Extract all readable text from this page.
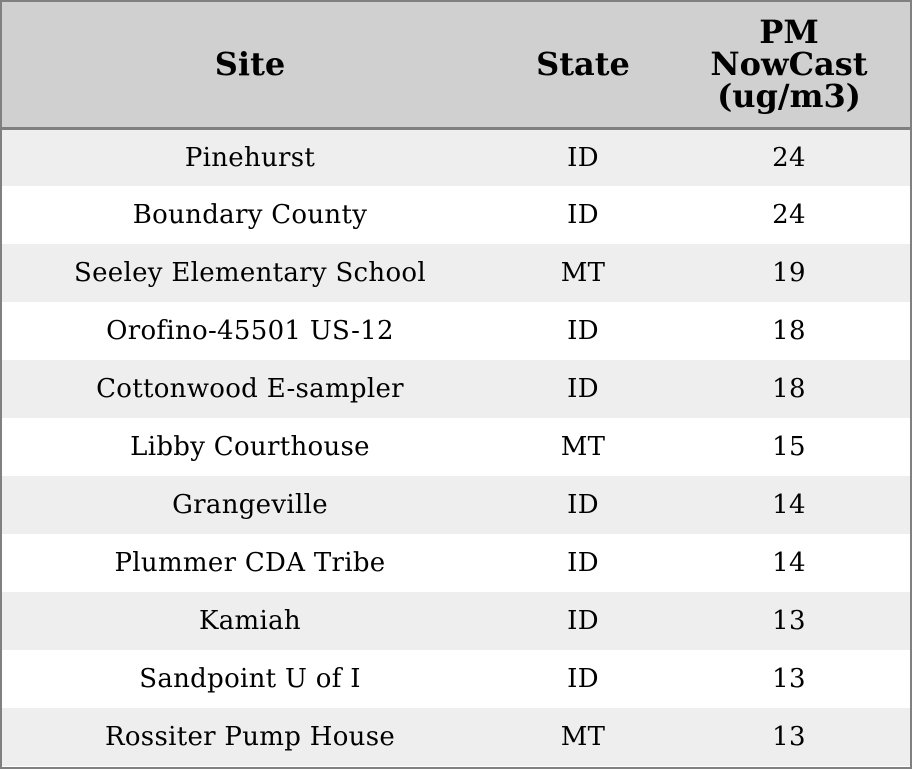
Site	State	PM
NowCast
(ug/m3)

Pinehurst	ID	24
Boundary County	ID	24
Seeley Elementary School	MT	19
Orofino-45501 US-12	ID	18
Cottonwood E-sampler	ID	18
Libby Courthouse	MT	15
Grangeville	ID	14
Plummer CDA Tribe	ID	14
Kamiah	ID	13
Sandpoint U of I	ID	13
Rossiter Pump House	MT	13
